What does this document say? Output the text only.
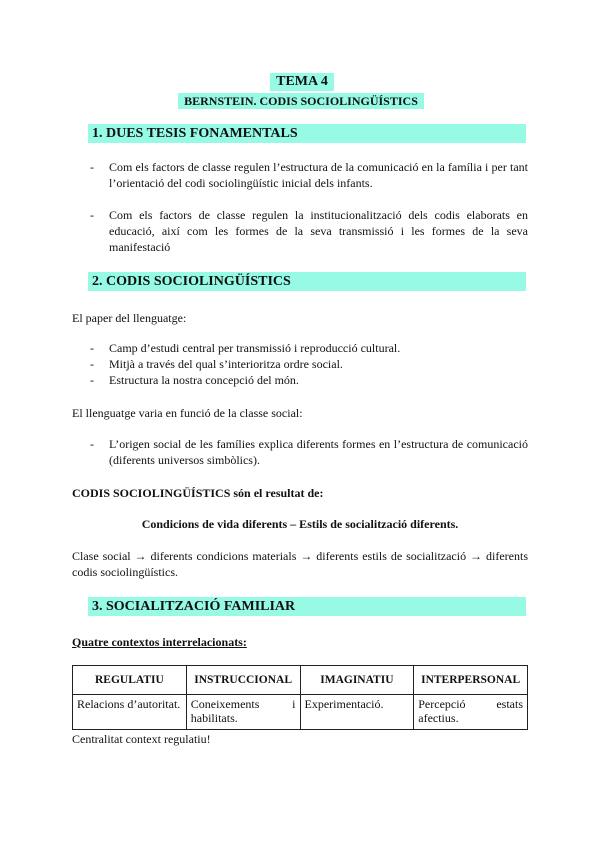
TEMA 4
BERNSTEIN. CODIS SOCIOLINGÜÍSTICS
1. DUES TESIS FONAMENTALS
- Com els factors de classe regulen l’estructura de la comunicació en la família i per tant l’orientació del codi sociolingüístic inicial dels infants.
- Com els factors de classe regulen la institucionalització dels codis elaborats en educació, així com les formes de la seva transmissió i les formes de la seva manifestació
2. CODIS SOCIOLINGÜÍSTICS
El paper del llenguatge:
- Camp d’estudi central per transmissió i reproducció cultural.
- Mitjà a través del qual s’interioritza ordre social.
- Estructura la nostra concepció del món.
El llenguatge varia en funció de la classe social:
- L’origen social de les famílies explica diferents formes en l’estructura de comunicació (diferents universos simbòlics).
CODIS SOCIOLINGÜÍSTICS són el resultat de:
Condicions de vida diferents – Estils de socialització diferents.
Clase social → diferents condicions materials → diferents estils de socialització → diferents codis sociolingüístics.
3. SOCIALITZACIÓ FAMILIAR
Quatre contextos interrelacionats:
REGULATIU	INSTRUCCIONAL	IMAGINATIU	INTERPERSONAL
Relacions d’autoritat.	Coneixements i habilitats.	Experimentació.	Percepció estats afectius.
Centralitat context regulatiu!
